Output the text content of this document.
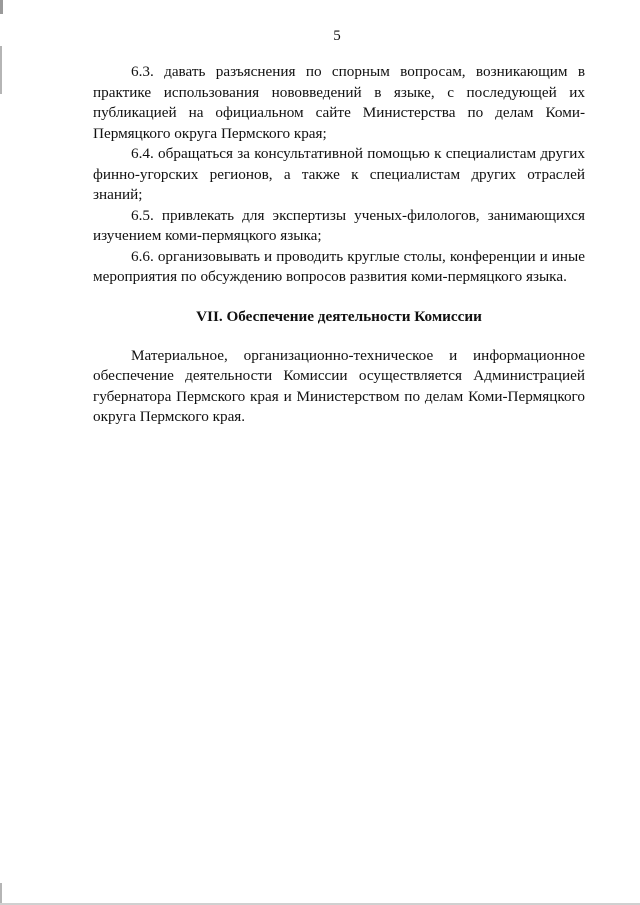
5

6.3. давать разъяснения по спорным вопросам, возникающим в практике использования нововведений в языке, с последующей их публикацией на официальном сайте Министерства по делам Коми-Пермяцкого округа Пермского края;

6.4. обращаться за консультативной помощью к специалистам других финно-угорских регионов, а также к специалистам других отраслей знаний;

6.5. привлекать для экспертизы ученых-филологов, занимающихся изучением коми-пермяцкого языка;

6.6. организовывать и проводить круглые столы, конференции и иные мероприятия по обсуждению вопросов развития коми-пермяцкого языка.

VII. Обеспечение деятельности Комиссии

Материальное, организационно-техническое и информационное обеспечение деятельности Комиссии осуществляется Администрацией губернатора Пермского края и Министерством по делам Коми-Пермяцкого округа Пермского края.
